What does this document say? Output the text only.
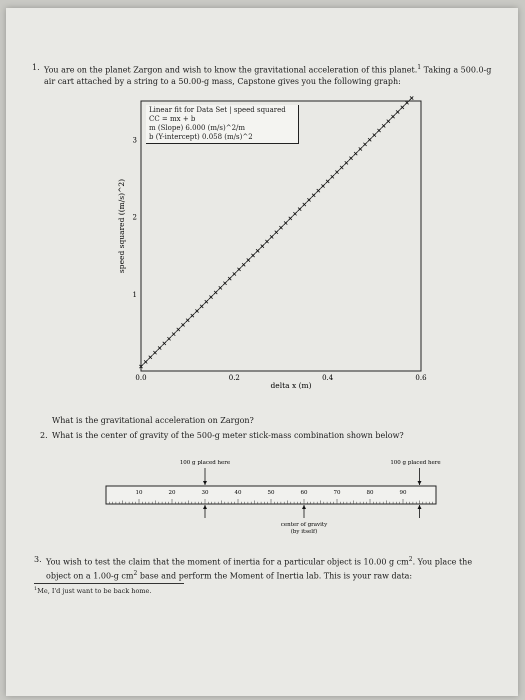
1. You are on the planet Zargon and wish to know the gravitational acceleration of this planet.$^1$ Taking a 500.0-g air cart attached by a string to a 50.00-g mass, Capstone gives you the following graph:
0.0	0.2	0.4	0.6
1
2
3
delta x (m)
speed squared ((m/s)^2)
Linear fit for Data Set | speed squared
CC = mx + b
m (Slope) 6.000 (m/s)^2/m
b (Y-intercept) 0.058 (m/s)^2
What is the gravitational acceleration on Zargon?
2. What is the center of gravity of the 500-g meter stick-mass combination shown below?
10	20	30	40	50	60	70	80	90
100 g placed here	100 g placed here
center of gravity
(by itself)
3. You wish to test the claim that the moment of inertia for a particular object is 10.00 g $cm^2$. You place the object on a 1.00-g $cm^2$ base and perform the Moment of Inertia lab. This is your raw data:
$^1$Me, I'd just want to be back home.
